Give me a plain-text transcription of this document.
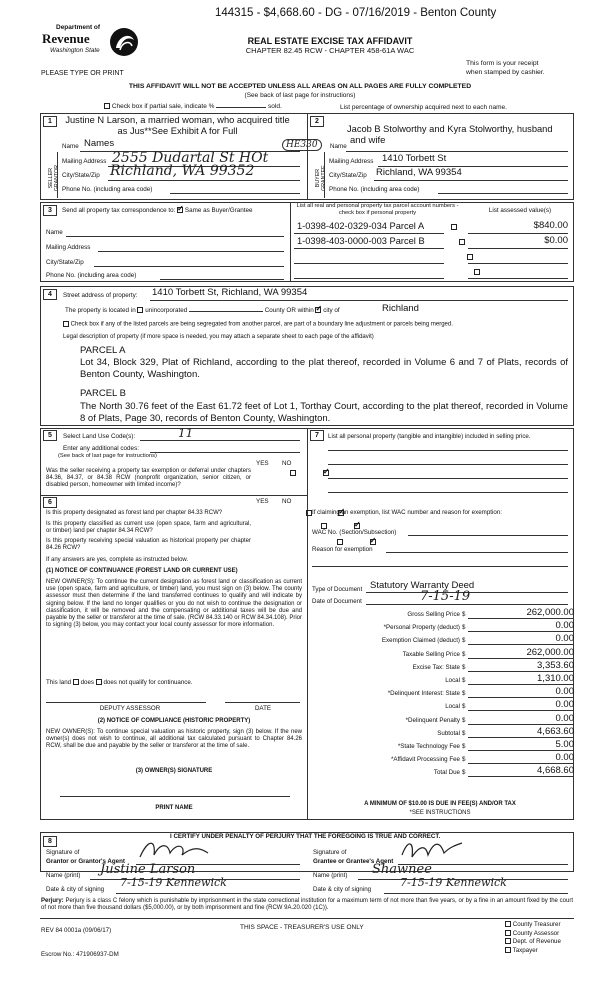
144315 - $4,668.60 - DG - 07/16/2019 - Benton County
Department of
Revenue
Washington State
PLEASE TYPE OR PRINT
REAL ESTATE EXCISE TAX AFFIDAVIT
CHAPTER 82.45 RCW - CHAPTER 458-61A WAC
This form is your receipt
when stamped by cashier.
THIS AFFIDAVIT WILL NOT BE ACCEPTED UNLESS ALL AREAS ON ALL PAGES ARE FULLY COMPLETED
(See back of last page for instructions)
Check box if partial sale, indicate %	sold.	List percentage of ownership acquired next to each name.
1	2
Justine N Larson, a married woman, who acquired title as Jus**See Exhibit A for Full
Name Names
SELLER GRANTOR
Mailing Address 2555 Dudartal St HOt
City/State/Zip Richland, WA 99352
Phone No. (including area code)
HE330
Jacob B Stolworthy and Kyra Stolworthy, husband
Name
and wife
BUYER GRANTEE
Mailing Address 1410 Torbett St
City/State/Zip Richland, WA 99354
Phone No. (including area code)
3	Send all property tax correspondence to: ✓ Same as Buyer/Grantee
List all real and personal property tax parcel account numbers - check box if personal property	List assessed value(s)
Name
Mailing Address
City/State/Zip
Phone No. (including area code)
1-0398-402-0329-034 Parcel A
	$840.00
1-0398-403-0000-003 Parcel B
	$0.00

4	Street address of property: 1410 Torbett St, Richland, WA 99354
The property is located in unincorporated	County OR within ✓ city of	Richland
Check box if any of the listed parcels are being segregated from another parcel, are part of a boundary line adjustment or parcels being merged.
Legal description of property (if more space is needed, you may attach a separate sheet to each page of the affidavit)
PARCEL A
Lot 34, Block 329, Plat of Richland, according to the plat thereof, recorded in Volume 6 and 7 of Plats, records of Benton County, Washington.
PARCEL B
The North 30.76 feet of the East 61.72 feet of Lot 1, Torthay Court, according to the plat thereof, recorded in Volume 8 of Plats, Page 30, records of Benton County, Washington.
5	Select Land Use Code(s):	11
Enter any additional codes:
(See back of last page for instructions)
YES NO
Was the seller receiving a property tax exemption or deferral under chapters 84.36, 84.37, or 84.38 RCW (nonprofit organization, senior citizen, or disabled person, homeowner with limited income)?
✓
6	YES NO
Is this property designated as forest land per chapter 84.33 RCW?
✓
Is this property classified as current use (open space, farm and agricultural, or timber) land per chapter 84.34 RCW?
✓
Is this property receiving special valuation as historical property per chapter 84.26 RCW?
✓
If any answers are yes, complete as instructed below.
(1) NOTICE OF CONTINUANCE (FOREST LAND OR CURRENT USE)
NEW OWNER(S): To continue the current designation as forest land or classification as current use (open space, farm and agriculture, or timber) land, you must sign on (3) below. The county assessor must then determine if the land transferred continues to qualify and will indicate by signing below. If the land no longer qualifies or you do not wish to continue the designation or classification, it will be removed and the compensating or additional taxes will be due and payable by the seller or transferor at the time of sale. (RCW 84.33.140 or RCW 84.34.108). Prior to signing (3) below, you may contact your local county assessor for more information.
This land does does not qualify for continuance.
DEPUTY ASSESSOR	DATE
(2) NOTICE OF COMPLIANCE (HISTORIC PROPERTY)
NEW OWNER(S): To continue special valuation as historic property, sign (3) below. If the new owner(s) does not wish to continue, all additional tax calculated pursuant to Chapter 84.26 RCW, shall be due and payable by the seller or transferor at the time of sale.
(3) OWNER(S) SIGNATURE
PRINT NAME
7	List all personal property (tangible and intangible) included in selling price.
If claiming an exemption, list WAC number and reason for exemption:
WAC No. (Section/Subsection)
Reason for exemption
Type of Document Statutory Warranty Deed
Date of Document	7-15-19
Gross Selling Price $	262,000.00
*Personal Property (deduct) $	0.00
Exemption Claimed (deduct) $	0.00
Taxable Selling Price $	262,000.00
Excise Tax: State $	3,353.60
Local $	1,310.00
*Delinquent Interest: State $	0.00
Local $	0.00
*Delinquent Penalty $	0.00
Subtotal $	4,663.60
*State Technology Fee $	5.00
*Affidavit Processing Fee $	0.00
Total Due $	4,668.60
A MINIMUM OF $10.00 IS DUE IN FEE(S) AND/OR TAX
*SEE INSTRUCTIONS
8
I CERTIFY UNDER PENALTY OF PERJURY THAT THE FOREGOING IS TRUE AND CORRECT.
Signature of
Grantor or Grantor's Agent
Name (print) Justine Larson
Date & city of signing
7-15-19 Kennewick
Signature of
Grantee or Grantee's Agent
Name (print) Shawnee
Date & city of signing
7-15-19 Kennewick
Perjury: Perjury is a class C felony which is punishable by imprisonment in the state correctional institution for a maximum term of not more than five years, or by a fine in an amount fixed by the court of not more than five thousand dollars ($5,000.00), or by both imprisonment and fine (RCW 9A.20.020 (1C)).
REV 84 0001a (09/06/17)	THIS SPACE - TREASURER'S USE ONLY
Escrow No.: 471906937-DM
County Treasurer
County Assessor
Dept. of Revenue
Taxpayer
